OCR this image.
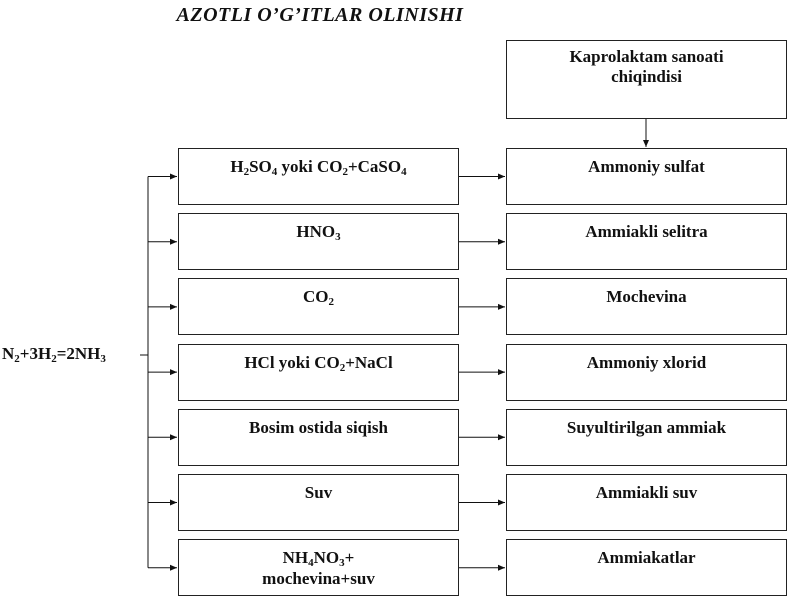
AZOTLI O’G’ITLAR OLINISHI
Kaprolaktam sanoati
chiqindisi
$N_2+3H_2=2NH_3$
$H_2SO_4$ yoki $CO_2+CaSO_4$	Ammoniy sulfat
$HNO_3$	Ammiakli selitra
$CO_2$	Mochevina
HCl yoki $CO_2+NaCl$	Ammoniy xlorid
Bosim ostida siqish	Suyultirilgan ammiak
Suv	Ammiakli suv
$NH_4NO_3+$
mochevina+suv
Ammiakatlar
